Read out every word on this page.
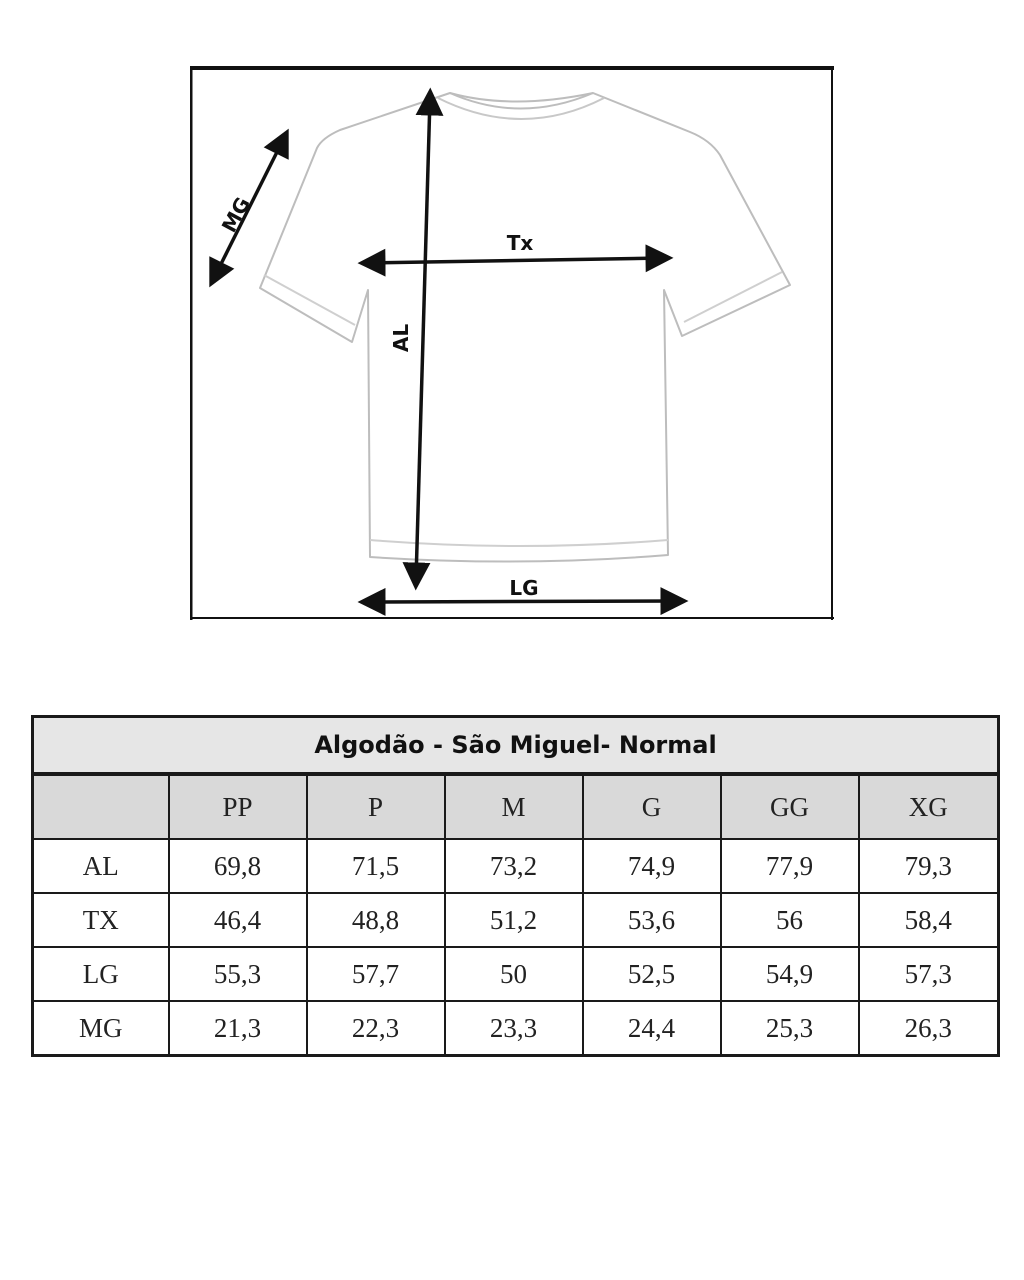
MG
Tx
AL
LG
Algodão - São Miguel- Normal						
	PP	P	M	G	GG	XG
AL	69,8	71,5	73,2	74,9	77,9	79,3
TX	46,4	48,8	51,2	53,6	56	58,4
LG	55,3	57,7	50	52,5	54,9	57,3
MG	21,3	22,3	23,3	24,4	25,3	26,3
